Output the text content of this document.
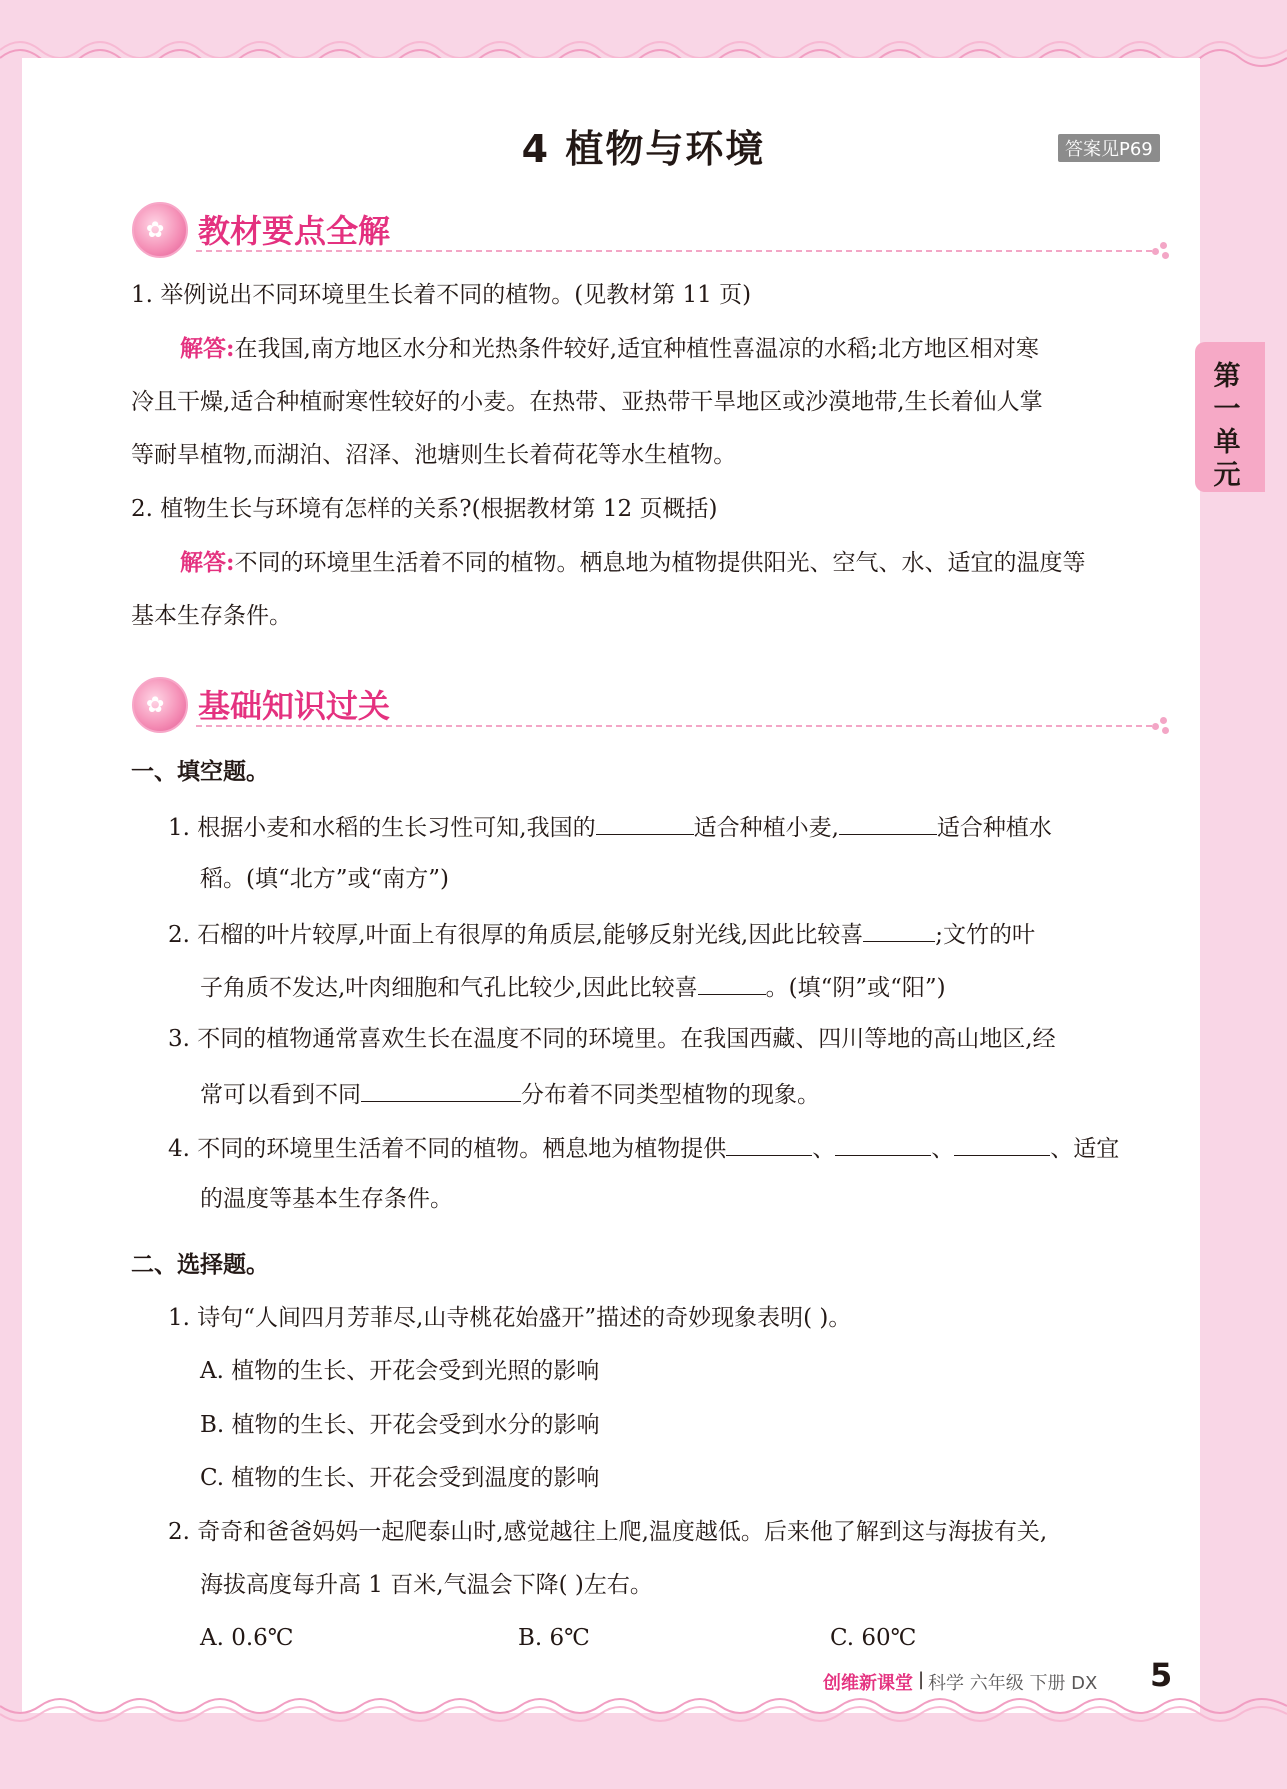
4 植物与环境	答案见P69
第一单元
✿ 教材要点全解
1. 举例说出不同环境里生长着不同的植物。(见教材第 11 页)
解答:在我国,南方地区水分和光热条件较好,适宜种植性喜温凉的水稻;北方地区相对寒
冷且干燥,适合种植耐寒性较好的小麦。在热带、亚热带干旱地区或沙漠地带,生长着仙人掌
等耐旱植物,而湖泊、沼泽、池塘则生长着荷花等水生植物。
2. 植物生长与环境有怎样的关系?(根据教材第 12 页概括)
解答:不同的环境里生活着不同的植物。栖息地为植物提供阳光、空气、水、适宜的温度等
基本生存条件。
✿ 基础知识过关
一、填空题。
1. 根据小麦和水稻的生长习性可知,我国的	适合种植小麦,	适合种植水
稻。(填“北方”或“南方”)
2. 石榴的叶片较厚,叶面上有很厚的角质层,能够反射光线,因此比较喜	;文竹的叶
子角质不发达,叶肉细胞和气孔比较少,因此比较喜	。(填“阴”或“阳”)
3. 不同的植物通常喜欢生长在温度不同的环境里。在我国西藏、四川等地的高山地区,经
常可以看到不同	分布着不同类型植物的现象。
4. 不同的环境里生活着不同的植物。栖息地为植物提供	、	、	、适宜
的温度等基本生存条件。
二、选择题。
1. 诗句“人间四月芳菲尽,山寺桃花始盛开”描述的奇妙现象表明( )。
A. 植物的生长、开花会受到光照的影响
B. 植物的生长、开花会受到水分的影响
C. 植物的生长、开花会受到温度的影响
2. 奇奇和爸爸妈妈一起爬泰山时,感觉越往上爬,温度越低。后来他了解到这与海拔有关,
海拔高度每升高 1 百米,气温会下降( )左右。
A. 0.6℃	B. 6℃	C. 60℃
创维新课堂 | 科学 六年级 下册 DX 5
